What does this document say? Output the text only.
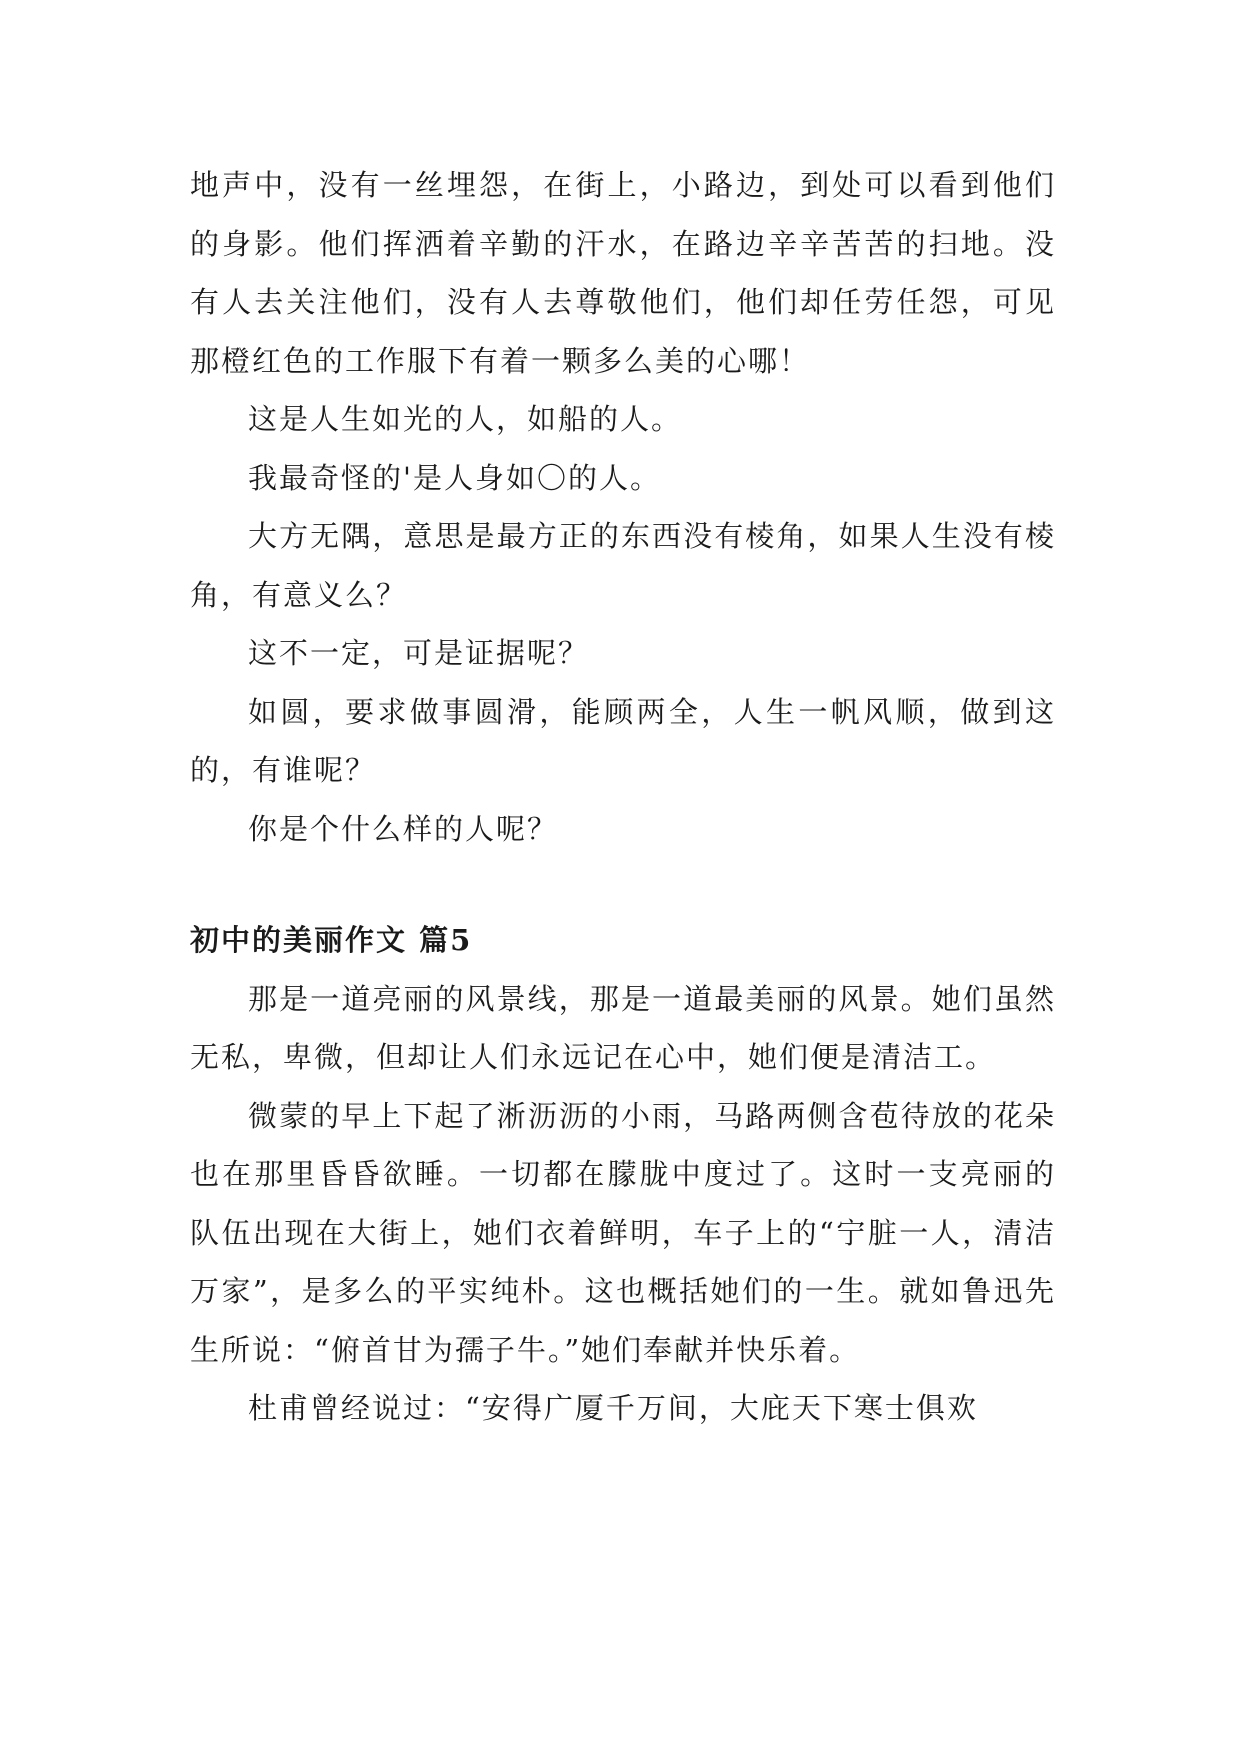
地声中，没有一丝埋怨，在街上，小路边，到处可以看到他们的身影。他们挥洒着辛勤的汗水，在路边辛辛苦苦的扫地。没有人去关注他们，没有人去尊敬他们，他们却任劳任怨，可见那橙红色的工作服下有着一颗多么美的心哪！

这是人生如光的人，如船的人。

我最奇怪的'是人身如〇的人。

大方无隅，意思是最方正的东西没有棱角，如果人生没有棱角，有意义么？

这不一定，可是证据呢？

如圆，要求做事圆滑，能顾两全，人生一帆风顺，做到这的，有谁呢？

你是个什么样的人呢？

初中的美丽作文 篇5

那是一道亮丽的风景线，那是一道最美丽的风景。她们虽然无私，卑微，但却让人们永远记在心中，她们便是清洁工。

微蒙的早上下起了淅沥沥的小雨，马路两侧含苞待放的花朵也在那里昏昏欲睡。一切都在朦胧中度过了。这时一支亮丽的队伍出现在大街上，她们衣着鲜明，车子上的“宁脏一人，清洁万家”，是多么的平实纯朴。这也概括她们的一生。就如鲁迅先生所说：“俯首甘为孺子牛。”她们奉献并快乐着。

杜甫曾经说过：“安得广厦千万间，大庇天下寒士俱欢
